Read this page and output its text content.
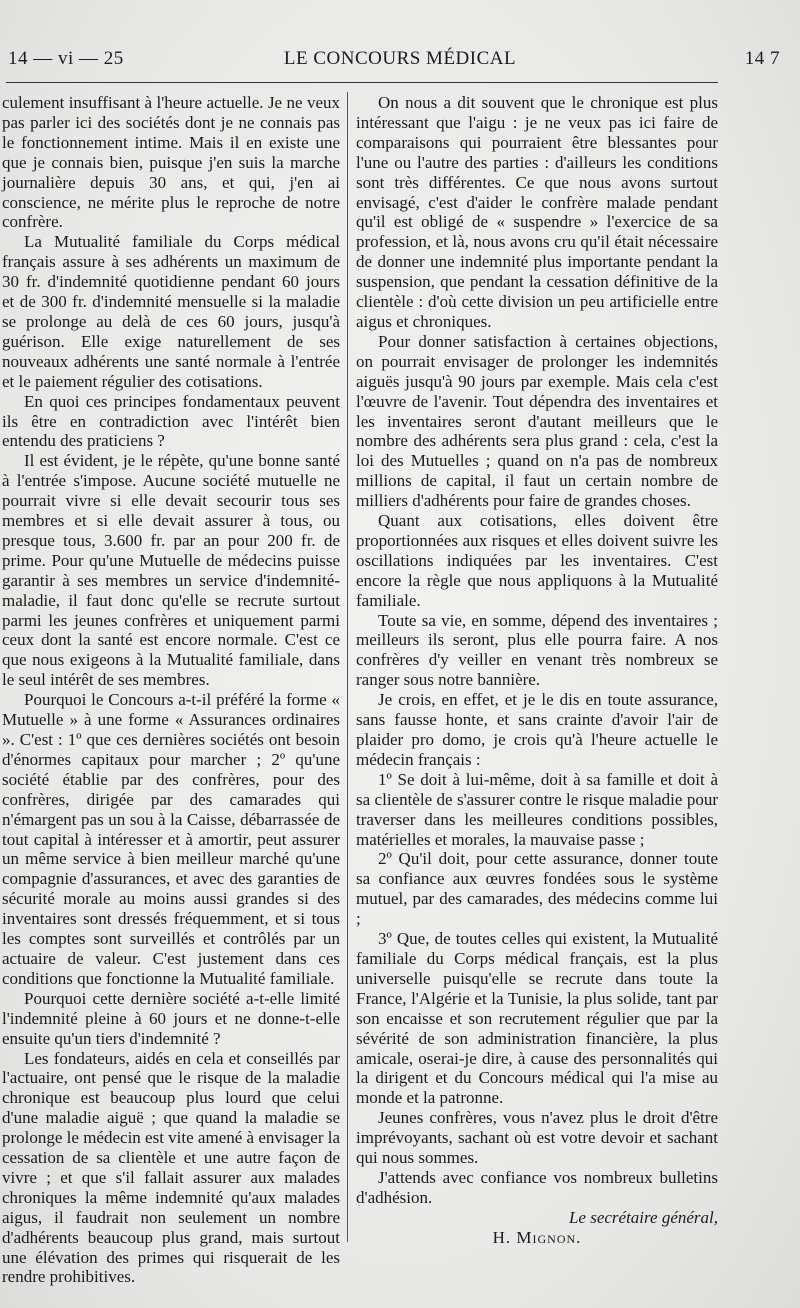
14 — vi — 25	LE CONCOURS MÉDICAL	14 7

culement insuffisant à l'heure actuelle. Je ne veux pas parler ici des sociétés dont je ne connais pas le fonctionnement intime. Mais il en existe une que je connais bien, puisque j'en suis la marche journalière depuis 30 ans, et qui, j'en ai conscience, ne mérite plus le reproche de notre confrère.

La Mutualité familiale du Corps médical français assure à ses adhérents un maximum de 30 fr. d'indemnité quotidienne pendant 60 jours et de 300 fr. d'indemnité mensuelle si la maladie se prolonge au delà de ces 60 jours, jusqu'à guérison. Elle exige naturellement de ses nouveaux adhérents une santé normale à l'entrée et le paiement régulier des cotisations.

En quoi ces principes fondamentaux peuvent ils être en contradiction avec l'intérêt bien entendu des praticiens ?

Il est évident, je le répète, qu'une bonne santé à l'entrée s'impose. Aucune société mutuelle ne pourrait vivre si elle devait secourir tous ses membres et si elle devait assurer à tous, ou presque tous, 3.600 fr. par an pour 200 fr. de prime. Pour qu'une Mutuelle de médecins puisse garantir à ses membres un service d'indemnité-maladie, il faut donc qu'elle se recrute surtout parmi les jeunes confrères et uniquement parmi ceux dont la santé est encore normale. C'est ce que nous exigeons à la Mutualité familiale, dans le seul intérêt de ses membres.

Pourquoi le Concours a-t-il préféré la forme « Mutuelle » à une forme « Assurances ordinaires ». C'est : 1º que ces dernières sociétés ont besoin d'énormes capitaux pour marcher ; 2º qu'une société établie par des confrères, pour des confrères, dirigée par des camarades qui n'émargent pas un sou à la Caisse, débarrassée de tout capital à intéresser et à amortir, peut assurer un même service à bien meilleur marché qu'une compagnie d'assurances, et avec des garanties de sécurité morale au moins aussi grandes si des inventaires sont dressés fréquemment, et si tous les comptes sont surveillés et contrôlés par un actuaire de valeur. C'est justement dans ces conditions que fonctionne la Mutualité familiale.

Pourquoi cette dernière société a-t-elle limité l'indemnité pleine à 60 jours et ne donne-t-elle ensuite qu'un tiers d'indemnité ?

Les fondateurs, aidés en cela et conseillés par l'actuaire, ont pensé que le risque de la maladie chronique est beaucoup plus lourd que celui d'une maladie aiguë ; que quand la maladie se prolonge le médecin est vite amené à envisager la cessation de sa clientèle et une autre façon de vivre ; et que s'il fallait assurer aux malades chroniques la même indemnité qu'aux malades aigus, il faudrait non seulement un nombre d'adhérents beaucoup plus grand, mais surtout une élévation des primes qui risquerait de les rendre prohibitives.

On nous a dit souvent que le chronique est plus intéressant que l'aigu : je ne veux pas ici faire de comparaisons qui pourraient être blessantes pour l'une ou l'autre des parties : d'ailleurs les conditions sont très différentes. Ce que nous avons surtout envisagé, c'est d'aider le confrère malade pendant qu'il est obligé de « suspendre » l'exercice de sa profession, et là, nous avons cru qu'il était nécessaire de donner une indemnité plus importante pendant la suspension, que pendant la cessation définitive de la clientèle : d'où cette division un peu artificielle entre aigus et chroniques.

Pour donner satisfaction à certaines objections, on pourrait envisager de prolonger les indemnités aiguës jusqu'à 90 jours par exemple. Mais cela c'est l'œuvre de l'avenir. Tout dépendra des inventaires et les inventaires seront d'autant meilleurs que le nombre des adhérents sera plus grand : cela, c'est la loi des Mutuelles ; quand on n'a pas de nombreux millions de capital, il faut un certain nombre de milliers d'adhérents pour faire de grandes choses.

Quant aux cotisations, elles doivent être proportionnées aux risques et elles doivent suivre les oscillations indiquées par les inventaires. C'est encore la règle que nous appliquons à la Mutualité familiale.

Toute sa vie, en somme, dépend des inventaires ; meilleurs ils seront, plus elle pourra faire. A nos confrères d'y veiller en venant très nombreux se ranger sous notre bannière.

Je crois, en effet, et je le dis en toute assurance, sans fausse honte, et sans crainte d'avoir l'air de plaider pro domo, je crois qu'à l'heure actuelle le médecin français :

1º Se doit à lui-même, doit à sa famille et doit à sa clientèle de s'assurer contre le risque maladie pour traverser dans les meilleures conditions possibles, matérielles et morales, la mauvaise passe ;

2º Qu'il doit, pour cette assurance, donner toute sa confiance aux œuvres fondées sous le système mutuel, par des camarades, des médecins comme lui ;

3º Que, de toutes celles qui existent, la Mutualité familiale du Corps médical français, est la plus universelle puisqu'elle se recrute dans toute la France, l'Algérie et la Tunisie, la plus solide, tant par son encaisse et son recrutement régulier que par la sévérité de son administration financière, la plus amicale, oserai-je dire, à cause des personnalités qui la dirigent et du Concours médical qui l'a mise au monde et la patronne.

Jeunes confrères, vous n'avez plus le droit d'être imprévoyants, sachant où est votre devoir et sachant qui nous sommes.

J'attends avec confiance vos nombreux bulletins d'adhésion.

Le secrétaire général,

H. Mignon.
